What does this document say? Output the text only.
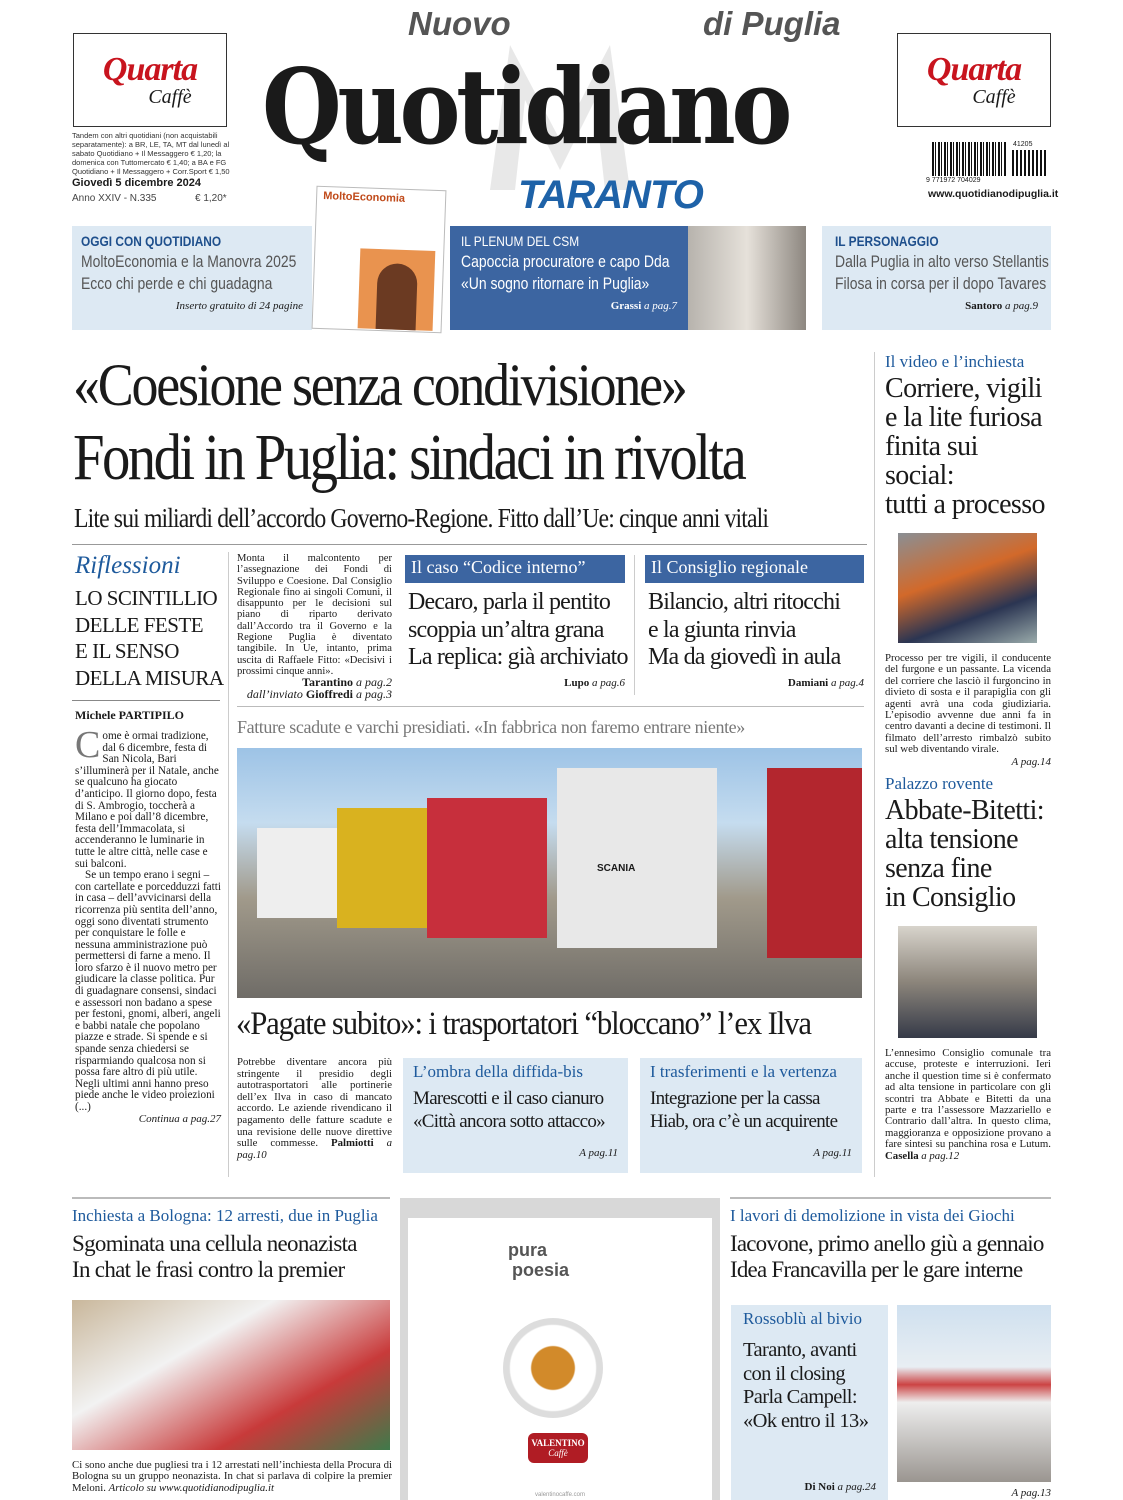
Quarta
Caffè
Quarta
Caffè
Tandem con altri quotidiani (non acquistabili separatamente): a BR, LE, TA, MT dal lunedì al sabato Quotidiano + Il Messaggero € 1,20; la domenica con Tuttomercato € 1,40; a BA e FG Quotidiano + Il Messaggero + Corr.Sport € 1,50
Giovedì 5 dicembre 2024
Anno XXIV - N.335	€ 1,20*
Nuovo	di Puglia
Quotidiano
TARANTO
41205
9 771972 704029
www.quotidianodipuglia.it
OGGI CON QUOTIDIANO
MoltoEconomia e la Manovra 2025
Ecco chi perde e chi guadagna
Inserto gratuito di 24 pagine
MoltoEconomia
IL PLENUM DEL CSM
Capoccia procuratore e capo Dda
«Un sogno ritornare in Puglia»
Grassi a pag.7
IL PERSONAGGIO
Dalla Puglia in alto verso Stellantis
Filosa in corsa per il dopo Tavares
Santoro a pag.9
«Coesione senza condivisione»
Fondi in Puglia: sindaci in rivolta
Lite sui miliardi dell’accordo Governo-Regione. Fitto dall’Ue: cinque anni vitali
Riflessioni
LO SCINTILLIO
DELLE FESTE
E IL SENSO
DELLA MISURA
Michele PARTIPILO
Come è ormai tradizione, dal 6 dicembre, festa di San Nicola, Bari s’illuminerà per il Natale, anche se qualcuno ha giocato d’anticipo. Il giorno dopo, festa di S. Ambrogio, toccherà a Milano e poi dall’8 dicembre, festa dell’Immacolata, si accenderanno le luminarie in tutte le altre città, nelle case e sui balconi.
Se un tempo erano i segni – con cartellate e porcedduzzi fatti in casa – dell’avvicinarsi della ricorrenza più sentita dell’anno, oggi sono diventati strumento per conquistare le folle e nessuna amministrazione può permettersi di farne a meno. Il loro sfarzo è il nuovo metro per giudicare la classe politica. Pur di guadagnare consensi, sindaci e assessori non badano a spese per festoni, gnomi, alberi, angeli e babbi natale che popolano piazze e strade. Si spende e si spande senza chiedersi se risparmiando qualcosa non si possa fare altro di più utile. Negli ultimi anni hanno preso piede anche le video proiezioni (...)
Continua a pag.27
Monta il malcontento per l’assegnazione dei Fondi di Sviluppo e Coesione. Dal Consiglio Regionale fino ai singoli Comuni, il disappunto per le decisioni sul piano di riparto derivato dall’Accordo tra il Governo e la Regione Puglia è diventato tangibile. In Ue, intanto, prima uscita di Raffaele Fitto: «Decisivi i prossimi cinque anni».
Tarantino a pag.2
dall’inviato Gioffredi a pag.3
Il caso “Codice interno”
Decaro, parla il pentito
scoppia un’altra grana
La replica: già archiviato
Lupo a pag.6
Il Consiglio regionale
Bilancio, altri ritocchi
e la giunta rinvia
Ma da giovedì in aula
Damiani a pag.4
Fatture scadute e varchi presidiati. «In fabbrica non faremo entrare niente»
SCANIA
«Pagate subito»: i trasportatori “bloccano” l’ex Ilva
Potrebbe diventare ancora più stringente il presidio degli autotrasportatori alle portinerie dell’ex Ilva in caso di mancato accordo. Le aziende rivendicano il pagamento delle fatture scadute e una revisione delle nuove direttive sulle commesse. Palmiotti a pag.10
L’ombra della diffida-bis
Marescotti e il caso cianuro
«Città ancora sotto attacco»
A pag.11
I trasferimenti e la vertenza
Integrazione per la cassa
Hiab, ora c’è un acquirente
A pag.11
Il video e l’inchiesta
Corriere, vigili
e la lite furiosa
finita sui social:
tutti a processo
Processo per tre vigili, il conducente del furgone e un passante. La vicenda del corriere che lasciò il furgoncino in divieto di sosta e il parapiglia con gli agenti avrà una coda giudiziaria. L’episodio avvenne due anni fa in centro davanti a decine di testimoni. Il filmato dell’arresto rimbalzò subito sul web diventando virale.
A pag.14
Palazzo rovente
Abbate-Bitetti:
alta tensione
senza fine
in Consiglio
L’ennesimo Consiglio comunale tra accuse, proteste e interruzioni. Ieri anche il question time si è confermato ad alta tensione in particolare con gli scontri tra Abbate e Bitetti da una parte e tra l’assessore Mazzariello e Contrario dall’altra. In questo clima, maggioranza e opposizione provano a fare sintesi su panchina rosa e Lutum. Casella a pag.12
Inchiesta a Bologna: 12 arresti, due in Puglia
Sgominata una cellula neonazista
In chat le frasi contro la premier
Ci sono anche due pugliesi tra i 12 arrestati nell’inchiesta della Procura di Bologna su un gruppo neonazista. In chat si parlava di colpire la premier Meloni. Articolo su www.quotidianodipuglia.it
pura
poesia
VALENTINO
Caffè
valentinocaffe.com
I lavori di demolizione in vista dei Giochi
Iacovone, primo anello giù a gennaio
Idea Francavilla per le gare interne
Rossoblù al bivio
Taranto, avanti
con il closing
Parla Campell:
«Ok entro il 13»
Di Noi a pag.24	A pag.13
